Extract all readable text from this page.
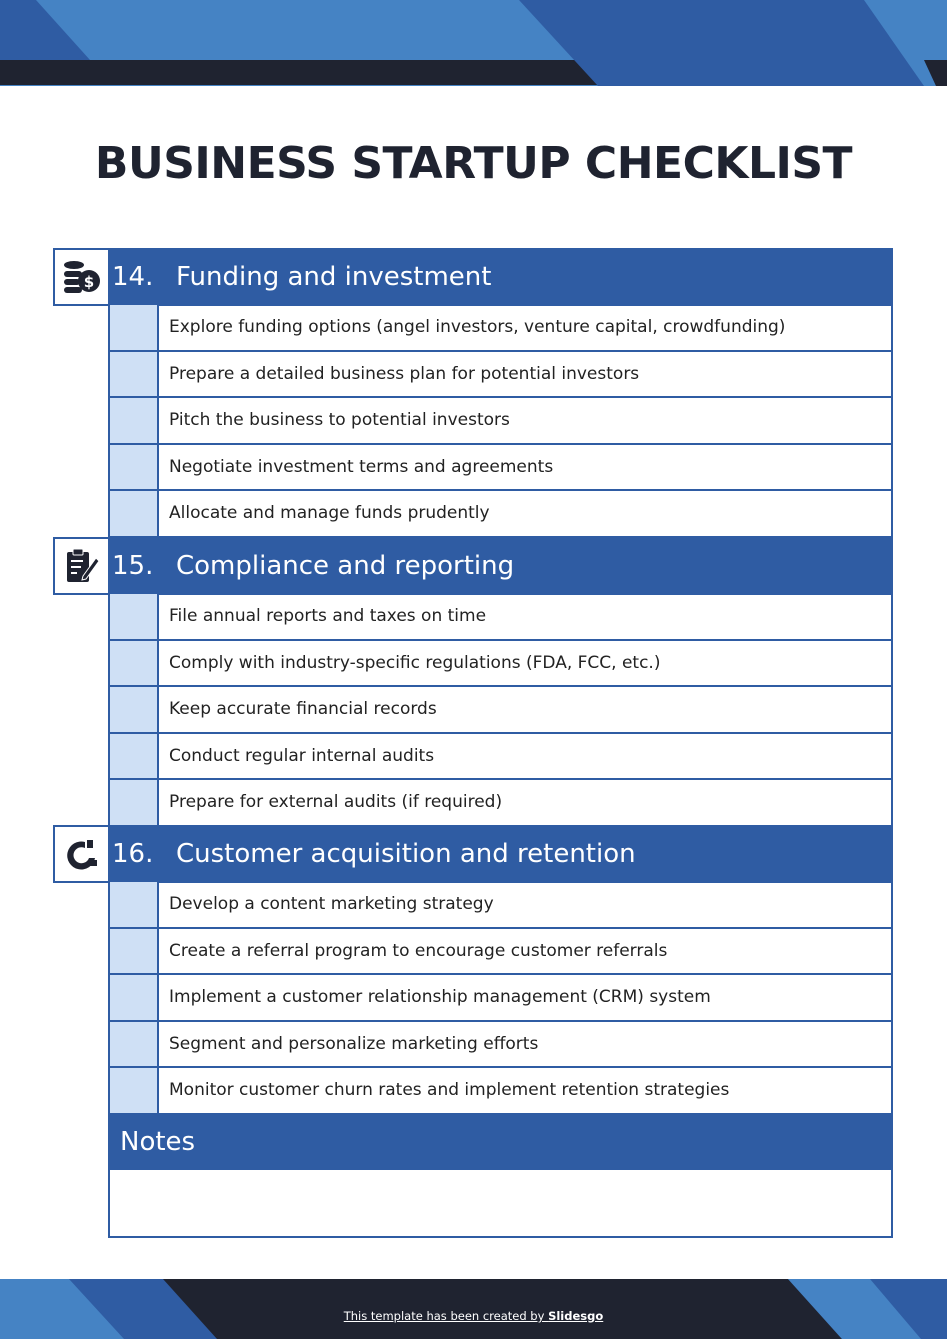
BUSINESS STARTUP CHECKLIST
$ 14. Funding and investment
Explore funding options (angel investors, venture capital, crowdfunding)
Prepare a detailed business plan for potential investors
Pitch the business to potential investors
Negotiate investment terms and agreements
Allocate and manage funds prudently
15. Compliance and reporting
File annual reports and taxes on time
Comply with industry-specific regulations (FDA, FCC, etc.)
Keep accurate financial records
Conduct regular internal audits
Prepare for external audits (if required)
16. Customer acquisition and retention
Develop a content marketing strategy
Create a referral program to encourage customer referrals
Implement a customer relationship management (CRM) system
Segment and personalize marketing efforts
Monitor customer churn rates and implement retention strategies
Notes
This template has been created by Slidesgo
